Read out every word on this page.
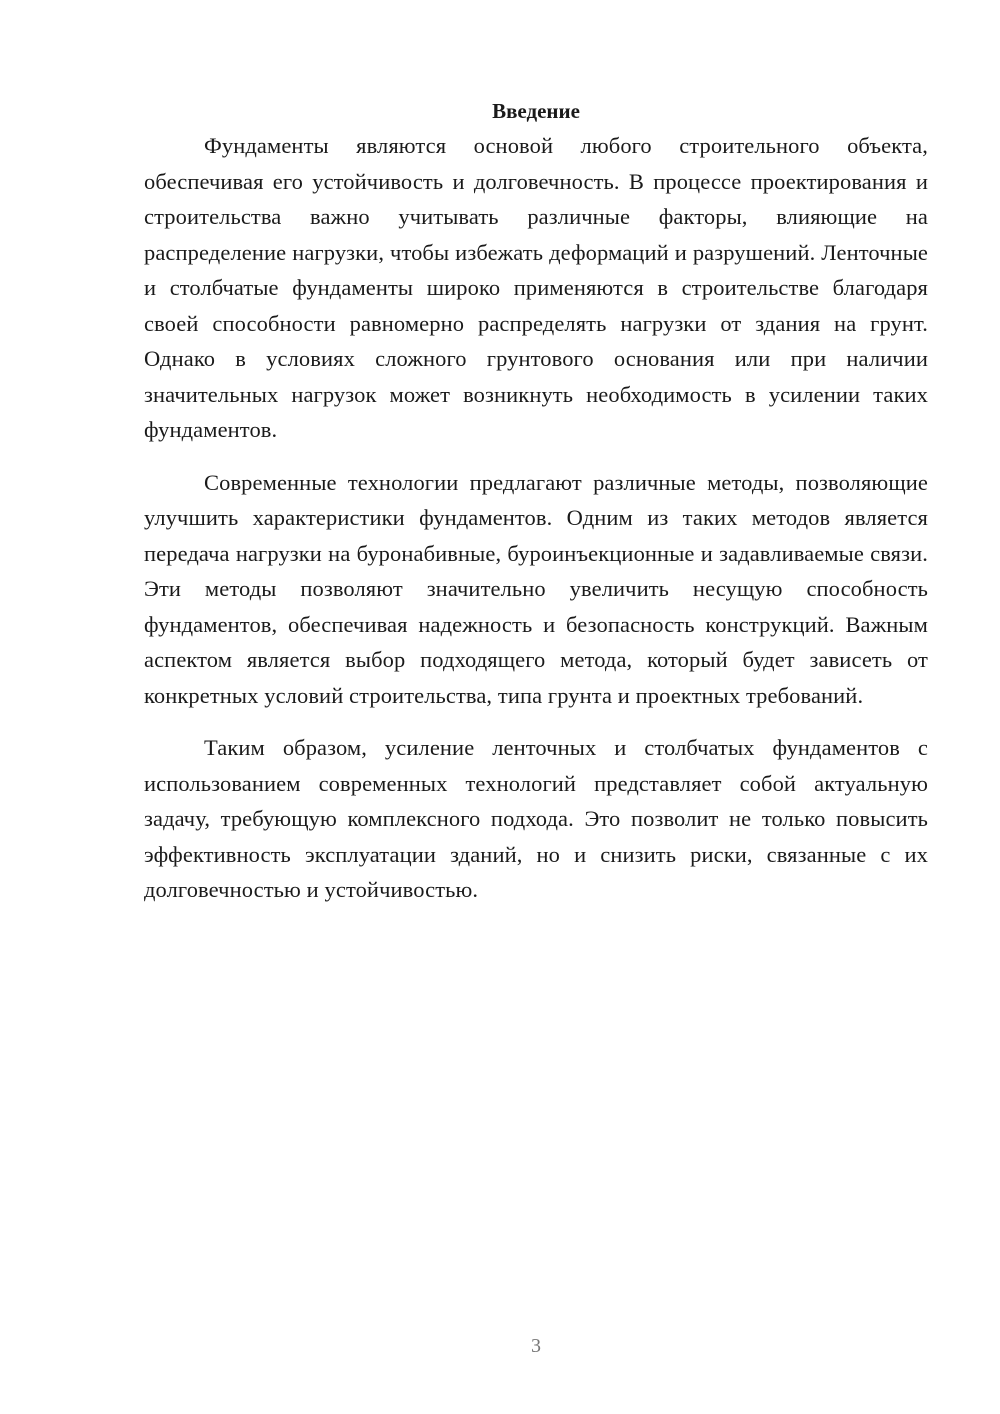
Введение

Фундаменты являются основой любого строительного объекта, обеспечивая его устойчивость и долговечность. В процессе проектирования и строительства важно учитывать различные факторы, влияющие на распределение нагрузки, чтобы избежать деформаций и разрушений. Ленточные и столбчатые фундаменты широко применяются в строительстве благодаря своей способности равномерно распределять нагрузки от здания на грунт. Однако в условиях сложного грунтового основания или при наличии значительных нагрузок может возникнуть необходимость в усилении таких фундаментов.

Современные технологии предлагают различные методы, позволяющие улучшить характеристики фундаментов. Одним из таких методов является передача нагрузки на буронабивные, буроинъекционные и задавливаемые связи. Эти методы позволяют значительно увеличить несущую способность фундаментов, обеспечивая надежность и безопасность конструкций. Важным аспектом является выбор подходящего метода, который будет зависеть от конкретных условий строительства, типа грунта и проектных требований.

Таким образом, усиление ленточных и столбчатых фундаментов с использованием современных технологий представляет собой актуальную задачу, требующую комплексного подхода. Это позволит не только повысить эффективность эксплуатации зданий, но и снизить риски, связанные с их долговечностью и устойчивостью.

3
